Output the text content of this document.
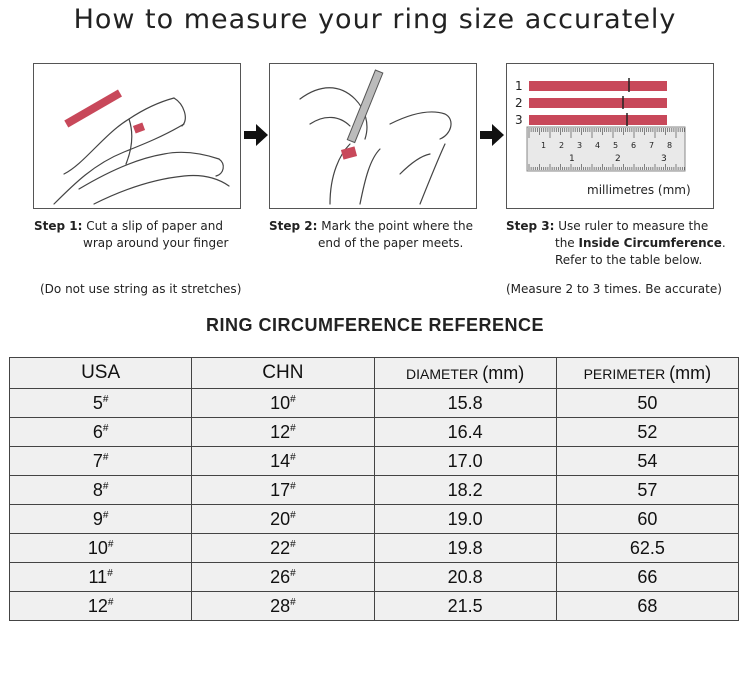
How to measure your ring size accurately
1
2
3
1 2 3 4 5 6 7 8
1	2	3
millimetres (mm)
Step 1: Cut a slip of paper and
wrap around your finger
Step 2: Mark the point where the
end of the paper meets.
Step 3: Use ruler to measure the
the Inside Circumference.
Refer to the table below.
(Do not use string as it stretches)	(Measure 2 to 3 times. Be accurate)
RING CIRCUMFERENCE REFERENCE
USA	CHN	DIAMETER (mm)	PERIMETER (mm)
5#	10#	15.8	50
6#	12#	16.4	52
7#	14#	17.0	54
8#	17#	18.2	57
9#	20#	19.0	60
10#	22#	19.8	62.5
11#	26#	20.8	66
12#	28#	21.5	68
